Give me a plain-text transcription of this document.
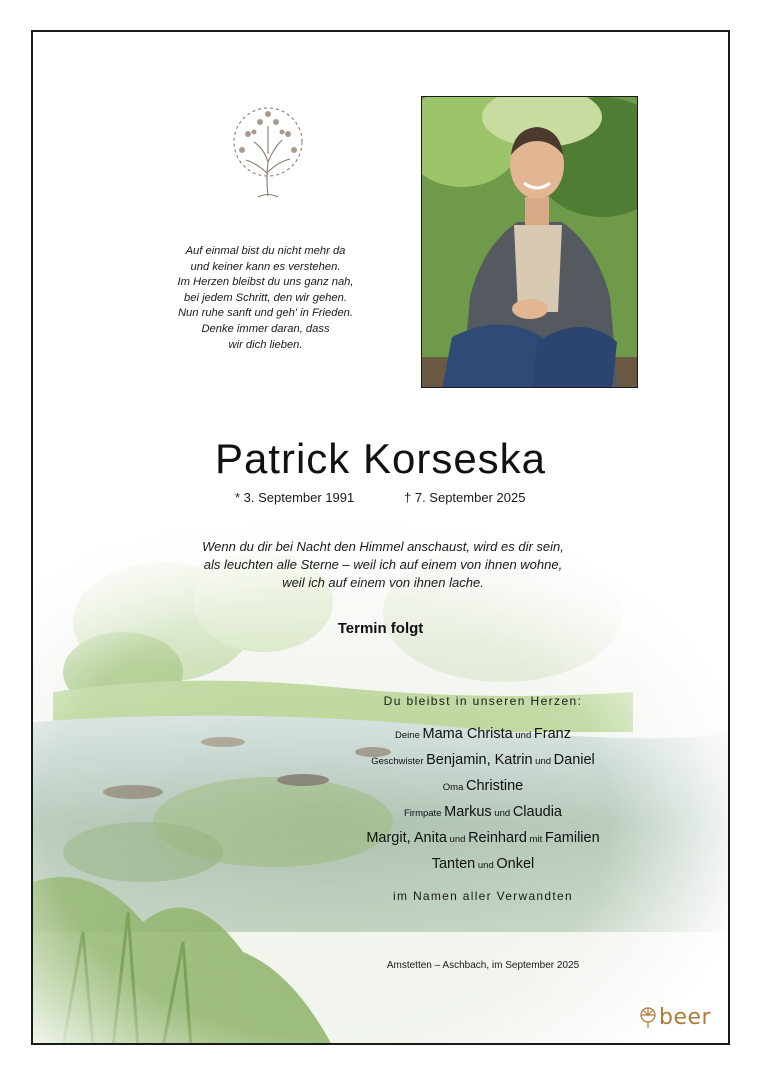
Auf einmal bist du nicht mehr da
und keiner kann es verstehen.
Im Herzen bleibst du uns ganz nah,
bei jedem Schritt, den wir gehen.
Nun ruhe sanft und geh' in Frieden.
Denke immer daran, dass
wir dich lieben.
Patrick Korseska
* 3. September 1991	† 7. September 2025
Wenn du dir bei Nacht den Himmel anschaust, wird es dir sein,
als leuchten alle Sterne – weil ich auf einem von ihnen wohne,
weil ich auf einem von ihnen lache.
Termin folgt
Du bleibst in unseren Herzen:
Deine Mama Christa und Franz
Geschwister Benjamin, Katrin und Daniel
Oma Christine
Firmpate Markus und Claudia
Margit, Anita und Reinhard mit Familien
Tanten und Onkel
im Namen aller Verwandten
Amstetten – Aschbach, im September 2025
beer
